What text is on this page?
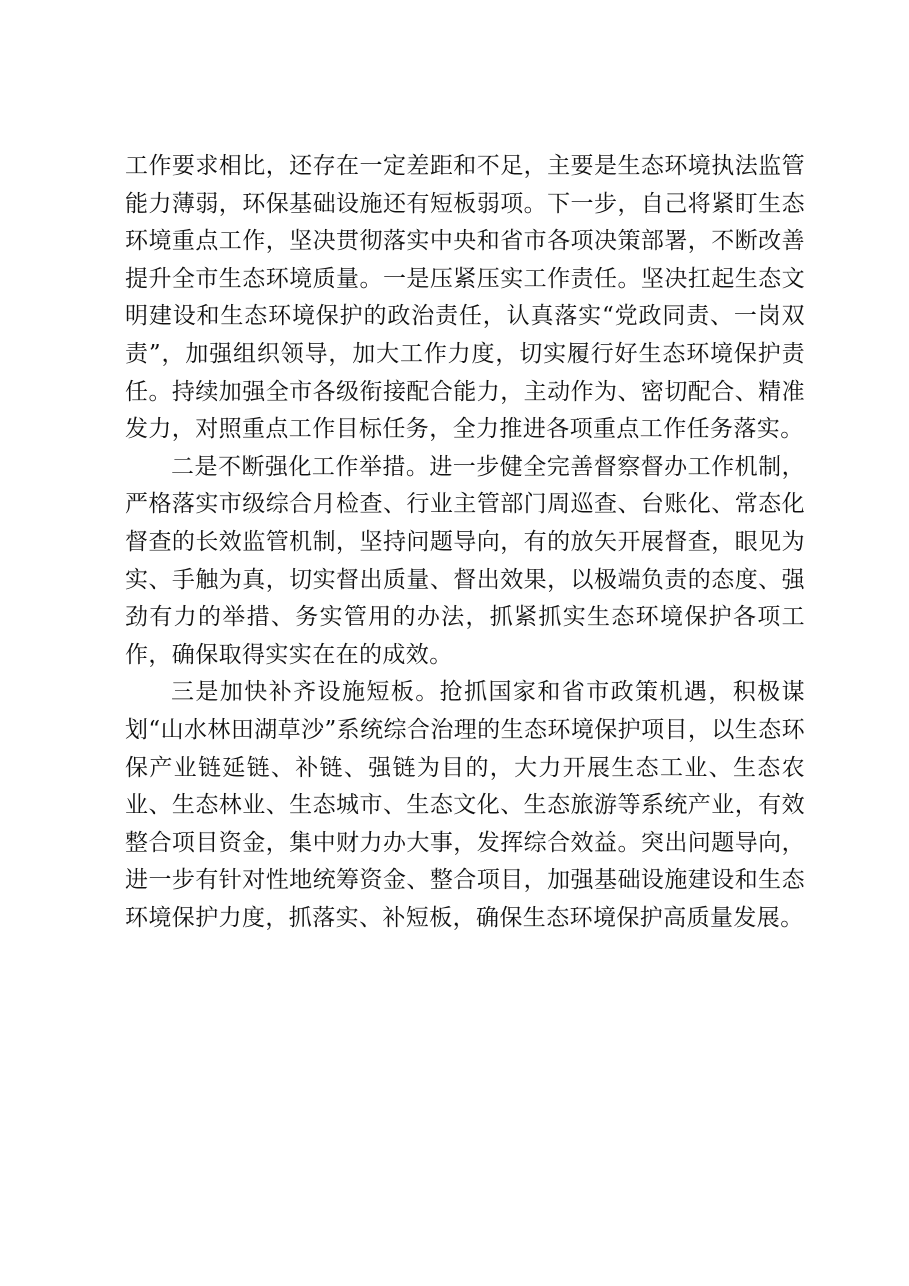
工作要求相比，还存在一定差距和不足，主要是生态环境执法监管能力薄弱，环保基础设施还有短板弱项。下一步，自己将紧盯生态环境重点工作，坚决贯彻落实中央和省市各项决策部署，不断改善提升全市生态环境质量。一是压紧压实工作责任。坚决扛起生态文明建设和生态环境保护的政治责任，认真落实“党政同责、一岗双责”，加强组织领导，加大工作力度，切实履行好生态环境保护责任。持续加强全市各级衔接配合能力，主动作为、密切配合、精准发力，对照重点工作目标任务，全力推进各项重点工作任务落实。

二是不断强化工作举措。进一步健全完善督察督办工作机制，严格落实市级综合月检查、行业主管部门周巡查、台账化、常态化督查的长效监管机制，坚持问题导向，有的放矢开展督查，眼见为实、手触为真，切实督出质量、督出效果，以极端负责的态度、强劲有力的举措、务实管用的办法，抓紧抓实生态环境保护各项工作，确保取得实实在在的成效。

三是加快补齐设施短板。抢抓国家和省市政策机遇，积极谋划“山水林田湖草沙”系统综合治理的生态环境保护项目，以生态环保产业链延链、补链、强链为目的，大力开展生态工业、生态农业、生态林业、生态城市、生态文化、生态旅游等系统产业，有效整合项目资金，集中财力办大事，发挥综合效益。突出问题导向，进一步有针对性地统筹资金、整合项目，加强基础设施建设和生态环境保护力度，抓落实、补短板，确保生态环境保护高质量发展。
